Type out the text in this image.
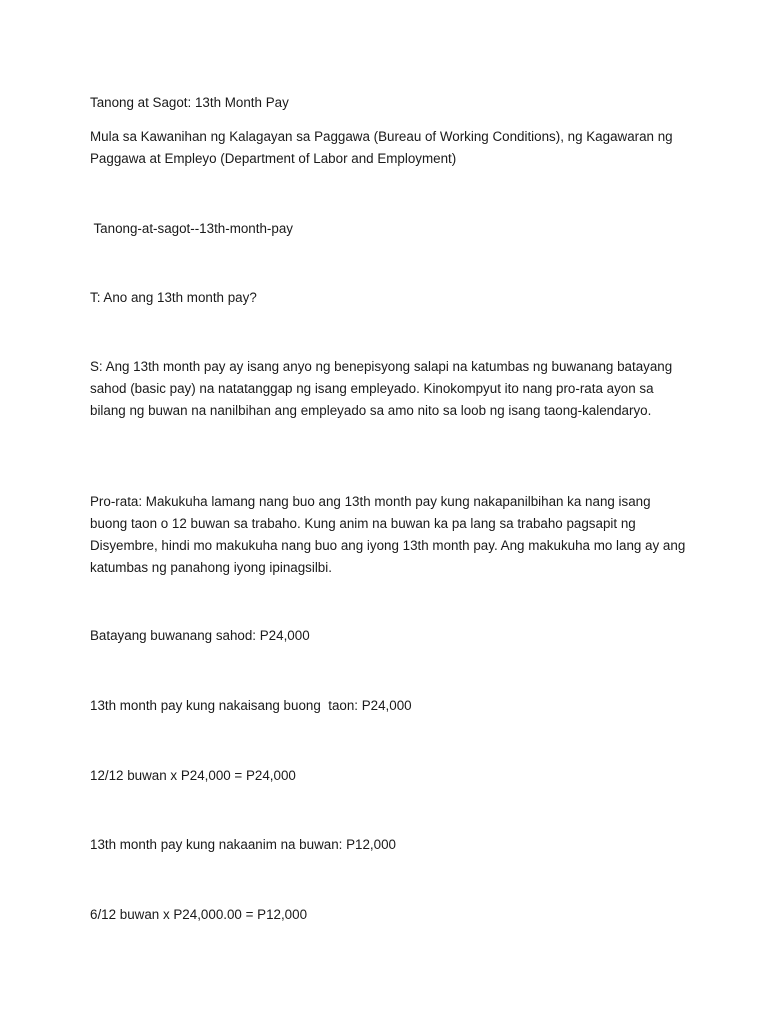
Tanong at Sagot: 13th Month Pay

Mula sa Kawanihan ng Kalagayan sa Paggawa (Bureau of Working Conditions), ng Kagawaran ng Paggawa at Empleyo (Department of Labor and Employment)

Tanong-at-sagot--13th-month-pay

T: Ano ang 13th month pay?

S: Ang 13th month pay ay isang anyo ng benepisyong salapi na katumbas ng buwanang batayang sahod (basic pay) na natatanggap ng isang empleyado. Kinokompyut ito nang pro-rata ayon sa bilang ng buwan na nanilbihan ang empleyado sa amo nito sa loob ng isang taong-kalendaryo.

Pro-rata: Makukuha lamang nang buo ang 13th month pay kung nakapanilbihan ka nang isang buong taon o 12 buwan sa trabaho. Kung anim na buwan ka pa lang sa trabaho pagsapit ng Disyembre, hindi mo makukuha nang buo ang iyong 13th month pay. Ang makukuha mo lang ay ang katumbas ng panahong iyong ipinagsilbi.

Batayang buwanang sahod: P24,000

13th month pay kung nakaisang buong  taon: P24,000

12/12 buwan x P24,000 = P24,000

13th month pay kung nakaanim na buwan: P12,000

6/12 buwan x P24,000.00 = P12,000
